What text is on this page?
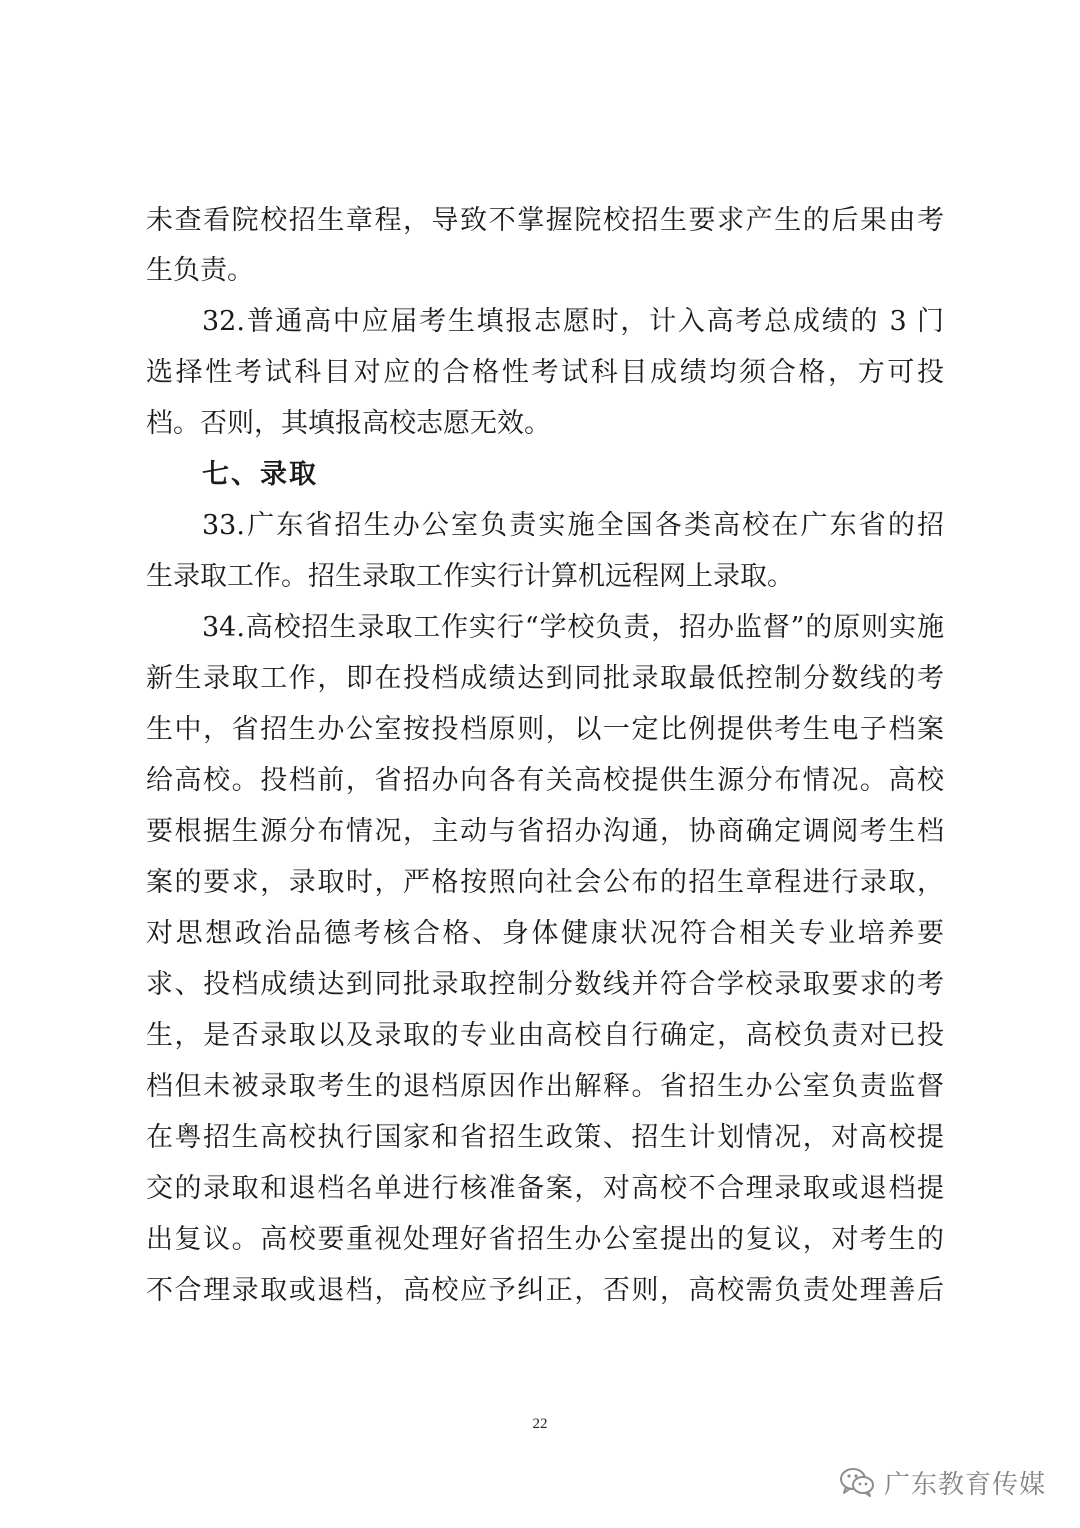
未查看院校招生章程，导致不掌握院校招生要求产生的后果由考
生负责。
32.普通高中应届考生填报志愿时，计入高考总成绩的 3 门
选择性考试科目对应的合格性考试科目成绩均须合格，方可投
档。否则，其填报高校志愿无效。
七、录取
33.广东省招生办公室负责实施全国各类高校在广东省的招
生录取工作。招生录取工作实行计算机远程网上录取。
34.高校招生录取工作实行“学校负责，招办监督”的原则实施
新生录取工作，即在投档成绩达到同批录取最低控制分数线的考
生中，省招生办公室按投档原则，以一定比例提供考生电子档案
给高校。投档前，省招办向各有关高校提供生源分布情况。高校
要根据生源分布情况，主动与省招办沟通，协商确定调阅考生档
案的要求，录取时，严格按照向社会公布的招生章程进行录取，
对思想政治品德考核合格、身体健康状况符合相关专业培养要
求、投档成绩达到同批录取控制分数线并符合学校录取要求的考
生，是否录取以及录取的专业由高校自行确定，高校负责对已投
档但未被录取考生的退档原因作出解释。省招生办公室负责监督
在粤招生高校执行国家和省招生政策、招生计划情况，对高校提
交的录取和退档名单进行核准备案，对高校不合理录取或退档提
出复议。高校要重视处理好省招生办公室提出的复议，对考生的
不合理录取或退档，高校应予纠正，否则，高校需负责处理善后
22
广东教育传媒
